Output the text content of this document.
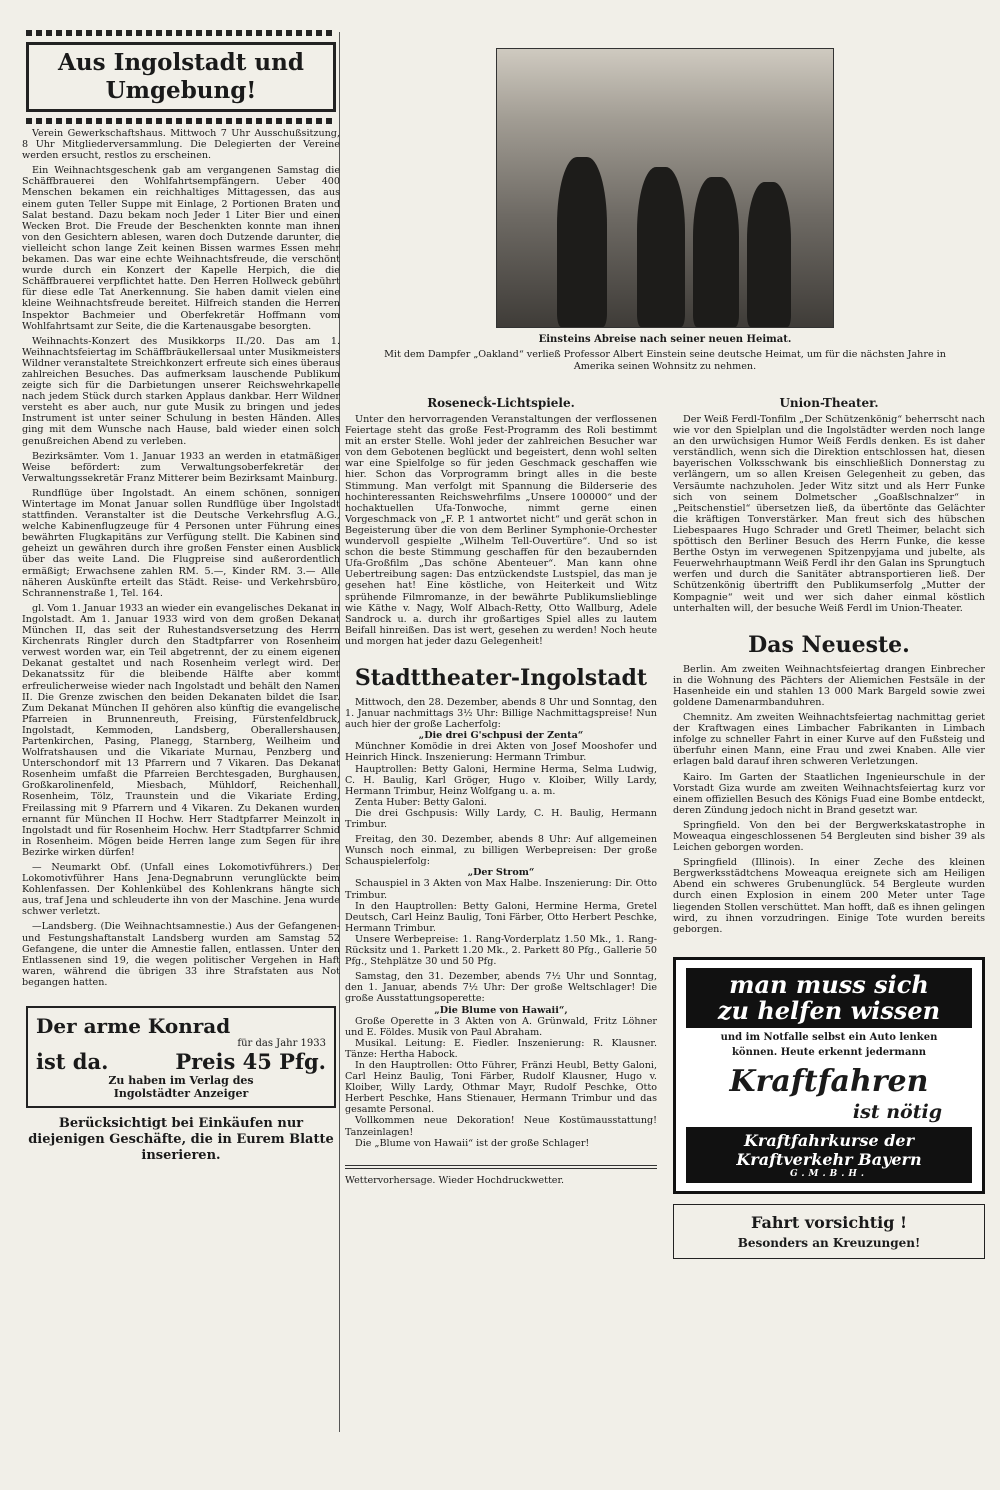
Aus Ingolstadt und
Umgebung!

Verein Gewerkschaftshaus. Mittwoch 7 Uhr Ausschußsitzung, 8 Uhr Mitgliederversammlung. Die Delegierten der Vereine werden ersucht, restlos zu erscheinen.

Ein Weihnachtsgeschenk gab am vergangenen Samstag die Schäffbrauerei den Wohlfahrtsempfängern. Ueber 400 Menschen bekamen ein reichhaltiges Mittagessen, das aus einem guten Teller Suppe mit Einlage, 2 Portionen Braten und Salat bestand. Dazu bekam noch Jeder 1 Liter Bier und einen Wecken Brot. Die Freude der Beschenkten konnte man ihnen von den Gesichtern ablesen, waren doch Dutzende darunter, die vielleicht schon lange Zeit keinen Bissen warmes Essen mehr bekamen. Das war eine echte Weihnachtsfreude, die verschönt wurde durch ein Konzert der Kapelle Herpich, die die Schäffbrauerei verpflichtet hatte. Den Herren Hollweck gebührt für diese edle Tat Anerkennung. Sie haben damit vielen eine kleine Weihnachtsfreude bereitet. Hilfreich standen die Herren Inspektor Bachmeier und Oberfekretär Hoffmann vom Wohlfahrtsamt zur Seite, die die Kartenausgabe besorgten.

Weihnachts-Konzert des Musikkorps II./20. Das am 1. Weihnachtsfeiertag im Schäffbräukellersaal unter Musikmeisters Wildner veranstaltete Streichkonzert erfreute sich eines überaus zahlreichen Besuches. Das aufmerksam lauschende Publikum zeigte sich für die Darbietungen unserer Reichswehrkapelle nach jedem Stück durch starken Applaus dankbar. Herr Wildner versteht es aber auch, nur gute Musik zu bringen und jedes Instrument ist unter seiner Schulung in besten Händen. Alles ging mit dem Wunsche nach Hause, bald wieder einen solch genußreichen Abend zu verleben.

Bezirksämter. Vom 1. Januar 1933 an werden in etatmäßiger Weise befördert: zum Verwaltungsoberfekretär der Verwaltungssekretär Franz Mitterer beim Bezirksamt Mainburg.

Rundflüge über Ingolstadt. An einem schönen, sonnigen Wintertage im Monat Januar sollen Rundflüge über Ingolstadt stattfinden. Veranstalter ist die Deutsche Verkehrsflug A.G., welche Kabinenflugzeuge für 4 Personen unter Führung eines bewährten Flugkapitäns zur Verfügung stellt. Die Kabinen sind geheizt un gewähren durch ihre großen Fenster einen Ausblick über das weite Land. Die Flugpreise sind außerordentlich ermäßigt; Erwachsene zahlen RM. 5.—, Kinder RM. 3.— Alle näheren Auskünfte erteilt das Städt. Reise- und Verkehrsbüro, Schrannenstraße 1, Tel. 164.

gl. Vom 1. Januar 1933 an wieder ein evangelisches Dekanat in Ingolstadt. Am 1. Januar 1933 wird von dem großen Dekanat München II, das seit der Ruhestandsversetzung des Herrn Kirchenrats Ringler durch den Stadtpfarrer von Rosenheim verwest worden war, ein Teil abgetrennt, der zu einem eigenen Dekanat gestaltet und nach Rosenheim verlegt wird. Der Dekanatssitz für die bleibende Hälfte aber kommt erfreulicherweise wieder nach Ingolstadt und behält den Namen II. Die Grenze zwischen den beiden Dekanaten bildet die Isar. Zum Dekanat München II gehören also künftig die evangelische Pfarreien in Brunnenreuth, Freising, Fürstenfeldbruck, Ingolstadt, Kemmoden, Landsberg, Oberallershausen, Partenkirchen, Pasing, Planegg, Starnberg, Weilheim und Wolfratshausen und die Vikariate Murnau, Penzberg und Unterschondorf mit 13 Pfarrern und 7 Vikaren. Das Dekanat Rosenheim umfaßt die Pfarreien Berchtesgaden, Burghausen, Großkarolinenfeld, Miesbach, Mühldorf, Reichenhall, Rosenheim, Tölz, Traunstein und die Vikariate Erding, Freilassing mit 9 Pfarrern und 4 Vikaren. Zu Dekanen wurden ernannt für München II Hochw. Herr Stadtpfarrer Meinzolt in Ingolstadt und für Rosenheim Hochw. Herr Stadtpfarrer Schmid in Rosenheim. Mögen beide Herren lange zum Segen für ihre Bezirke wirken dürfen!

— Neumarkt Obf. (Unfall eines Lokomotivführers.) Der Lokomotivführer Hans Jena-Degnabrunn verunglückte beim Kohlenfassen. Der Kohlenkübel des Kohlenkrans hängte sich aus, traf Jena und schleuderte ihn von der Maschine. Jena wurde schwer verletzt.

—Landsberg. (Die Weihnachtsamnestie.) Aus der Gefangenen- und Festungshaftanstalt Landsberg wurden am Samstag 52 Gefangene, die unter die Amnestie fallen, entlassen. Unter den Entlassenen sind 19, die wegen politischer Vergehen in Haft waren, während die übrigen 33 ihre Strafstaten aus Not begangen hatten.

Der arme Konrad
für das Jahr 1933
ist da.	Preis 45 Pfg.
Zu haben im Verlag des
Ingolstädter Anzeiger
Berücksichtigt bei Einkäufen nur diejenigen Geschäfte, die in Eurem Blatte inserieren.
Einsteins Abreise nach seiner neuen Heimat.
Mit dem Dampfer „Oakland“ verließ Professor Albert Einstein seine deutsche Heimat, um für die nächsten Jahre in Amerika seinen Wohnsitz zu nehmen.
Rosenecḱ-Lichtspiele.

Unter den hervorragenden Veranstaltungen der verflossenen Feiertage steht das große Fest-Programm des Roli bestimmt mit an erster Stelle. Wohl jeder der zahlreichen Besucher war von dem Gebotenen beglückt und begeistert, denn wohl selten war eine Spielfolge so für jeden Geschmack geschaffen wie hier. Schon das Vorprogramm bringt alles in die beste Stimmung. Man verfolgt mit Spannung die Bilderserie des hochinteressanten Reichswehrfilms „Unsere 100000“ und der hochaktuellen Ufa-Tonwoche, nimmt gerne einen Vorgeschmack von „F. P. 1 antwortet nicht“ und gerät schon in Begeisterung über die von dem Berliner Symphonie-Orchester wundervoll gespielte „Wilhelm Tell-Ouvertüre“. Und so ist schon die beste Stimmung geschaffen für den bezaubernden Ufa-Großfilm „Das schöne Abenteuer“. Man kann ohne Uebertreibung sagen: Das entzückendste Lustspiel, das man je gesehen hat! Eine köstliche, von Heiterkeit und Witz sprühende Filmromanze, in der bewährte Publikumslieblinge wie Käthe v. Nagy, Wolf Albach-Retty, Otto Wallburg, Adele Sandrock u. a. durch ihr großartiges Spiel alles zu lautem Beifall hinreißen. Das ist wert, gesehen zu werden! Noch heute und morgen hat jeder dazu Gelegenheit!

Stadttheater-Ingolstadt

Mittwoch, den 28. Dezember, abends 8 Uhr und Sonntag, den 1. Januar nachmittags 3½ Uhr: Billige Nachmittagspreise! Nun auch hier der große Lacherfolg:

„Die drei G'schpusi der Zenta“

Münchner Komödie in drei Akten von Josef Mooshofer und Heinrich Hinck. Inszenierung: Hermann Trimbur.

Hauptrollen: Betty Galoni, Hermine Herma, Selma Ludwig, C. H. Baulig, Karl Gröger, Hugo v. Kloiber, Willy Lardy, Hermann Trimbur, Heinz Wolfgang u. a. m.

Zenta Huber: Betty Galoni.

Die drei Gschpusis: Willy Lardy, C. H. Baulig, Hermann Trimbur.

Freitag, den 30. Dezember, abends 8 Uhr: Auf allgemeinen Wunsch noch einmal, zu billigen Werbepreisen: Der große Schauspielerfolg:

„Der Strom“

Schauspiel in 3 Akten von Max Halbe. Inszenierung: Dir. Otto Trimbur.

In den Hauptrollen: Betty Galoni, Hermine Herma, Gretel Deutsch, Carl Heinz Baulig, Toni Färber, Otto Herbert Peschke, Hermann Trimbur.

Unsere Werbepreise: 1. Rang-Vorderplatz 1.50 Mk., 1. Rang-Rücksitz und 1. Parkett 1.20 Mk., 2. Parkett 80 Pfg., Gallerie 50 Pfg., Stehplätze 30 und 50 Pfg.

Samstag, den 31. Dezember, abends 7½ Uhr und Sonntag, den 1. Januar, abends 7½ Uhr: Der große Weltschlager! Die große Ausstattungsoperette:

„Die Blume von Hawaii“,

Große Operette in 3 Akten von A. Grünwald, Fritz Löhner und E. Földes. Musik von Paul Abraham.

Musikal. Leitung: E. Fiedler. Inszenierung: R. Klausner. Tänze: Hertha Habock.

In den Hauptrollen: Otto Führer, Fränzi Heubl, Betty Galoni, Carl Heinz Baulig, Toni Färber, Rudolf Klausner, Hugo v. Kloiber, Willy Lardy, Othmar Mayr, Rudolf Peschke, Otto Herbert Peschke, Hans Stienauer, Hermann Trimbur und das gesamte Personal.

Vollkommen neue Dekoration! Neue Kostümausstattung! Tanzeinlagen!

Die „Blume von Hawaii“ ist der große Schlager!

Wettervorhersage. Wieder Hochdruckwetter.

Union-Theater.

Der Weiß Ferdl-Tonfilm „Der Schützenkönig“ beherrscht nach wie vor den Spielplan und die Ingolstädter werden noch lange an den urwüchsigen Humor Weiß Ferdls denken. Es ist daher verständlich, wenn sich die Direktion entschlossen hat, diesen bayerischen Volksschwank bis einschließlich Donnerstag zu verlängern, um so allen Kreisen Gelegenheit zu geben, das Versäumte nachzuholen. Jeder Witz sitzt und als Herr Funke sich von seinem Dolmetscher „Goaßlschnalzer“ in „Peitschenstiel“ übersetzen ließ, da übertönte das Gelächter die kräftigen Tonverstärker. Man freut sich des hübschen Liebespaares Hugo Schrader und Gretl Theimer, belacht sich spöttisch den Berliner Besuch des Herrn Funke, die kesse Berthe Ostyn im verwegenen Spitzenpyjama und jubelte, als Feuerwehrhauptmann Weiß Ferdl ihr den Galan ins Sprungtuch werfen und durch die Sanitäter abtransportieren ließ. Der Schützenkönig übertrifft den Publikumserfolg „Mutter der Kompagnie“ weit und wer sich daher einmal köstlich unterhalten will, der besuche Weiß Ferdl im Union-Theater.

Das Neueste.

Berlin. Am zweiten Weihnachtsfeiertag drangen Einbrecher in die Wohnung des Pächters der Aliemichen Festsäle in der Hasenheide ein und stahlen 13 000 Mark Bargeld sowie zwei goldene Damenarmbanduhren.

Chemnitz. Am zweiten Weihnachtsfeiertag nachmittag geriet der Kraftwagen eines Limbacher Fabrikanten in Limbach infolge zu schneller Fahrt in einer Kurve auf den Fußsteig und überfuhr einen Mann, eine Frau und zwei Knaben. Alle vier erlagen bald darauf ihren schweren Verletzungen.

Kairo. Im Garten der Staatlichen Ingenieurschule in der Vorstadt Giza wurde am zweiten Weihnachtsfeiertag kurz vor einem offiziellen Besuch des Königs Fuad eine Bombe entdeckt, deren Zündung jedoch nicht in Brand gesetzt war.

Springfield. Von den bei der Bergwerkskatastrophe in Moweaqua eingeschlossenen 54 Bergleuten sind bisher 39 als Leichen geborgen worden.

Springfield (Illinois). In einer Zeche des kleinen Bergwerksstädtchens Moweaqua ereignete sich am Heiligen Abend ein schweres Grubenunglück. 54 Bergleute wurden durch einen Explosion in einem 200 Meter unter Tage liegenden Stollen verschüttet. Man hofft, daß es ihnen gelingen wird, zu ihnen vorzudringen. Einige Tote wurden bereits geborgen.

man muss sich
zu helfen wissen
und im Notfalle selbst ein Auto lenken
können. Heute erkennt jedermann
Kraftfahren
ist nötig
Kraftfahrkurse der
Kraftverkehr Bayern
G.M.B.H.
Fahrt vorsichtig !
Besonders an Kreuzungen!
